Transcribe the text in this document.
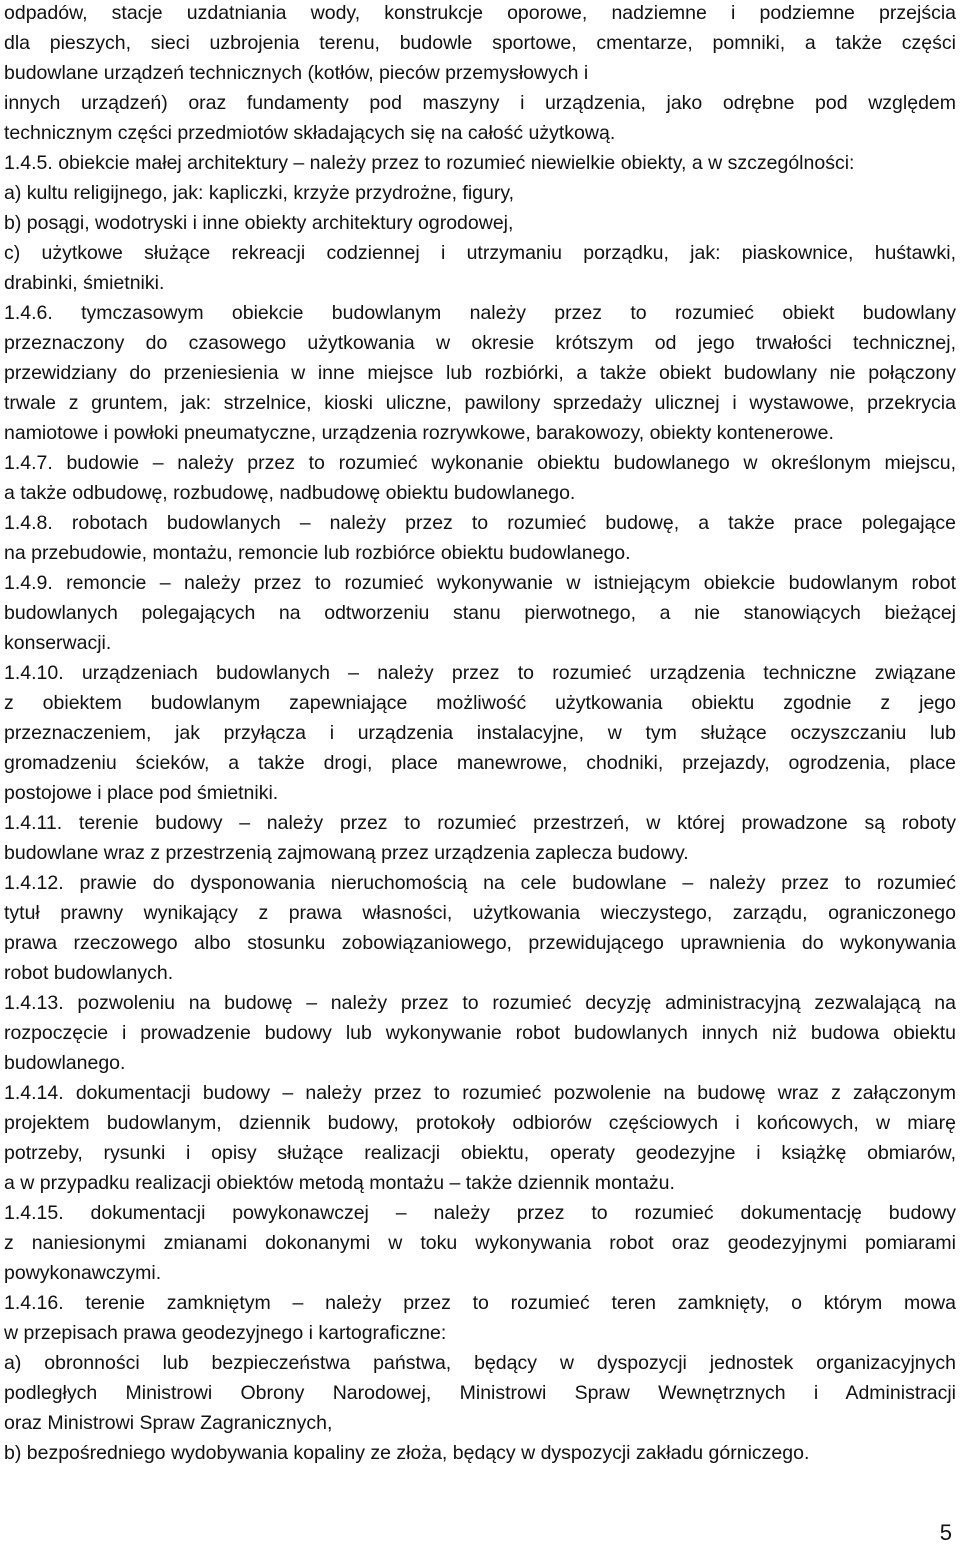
odpadów, stacje uzdatniania wody, konstrukcje oporowe, nadziemne i podziemne przejścia
dla pieszych, sieci uzbrojenia terenu, budowle sportowe, cmentarze, pomniki, a także części
budowlane urządzeń technicznych (kotłów, pieców przemysłowych i
innych urządzeń) oraz fundamenty pod maszyny i urządzenia, jako odrębne pod względem
technicznym części przedmiotów składających się na całość użytkową.
1.4.5. obiekcie małej architektury – należy przez to rozumieć niewielkie obiekty, a w szczególności:
a) kultu religijnego, jak: kapliczki, krzyże przydrożne, figury,
b) posągi, wodotryski i inne obiekty architektury ogrodowej,
c) użytkowe służące rekreacji codziennej i utrzymaniu porządku, jak: piaskownice, huśtawki,
drabinki, śmietniki.
1.4.6. tymczasowym obiekcie budowlanym należy przez to rozumieć obiekt budowlany
przeznaczony do czasowego użytkowania w okresie krótszym od jego trwałości technicznej,
przewidziany do przeniesienia w inne miejsce lub rozbiórki, a także obiekt budowlany nie połączony
trwale z gruntem, jak: strzelnice, kioski uliczne, pawilony sprzedaży ulicznej i wystawowe, przekrycia
namiotowe i powłoki pneumatyczne, urządzenia rozrywkowe, barakowozy, obiekty kontenerowe.
1.4.7. budowie – należy przez to rozumieć wykonanie obiektu budowlanego w określonym miejscu,
a także odbudowę, rozbudowę, nadbudowę obiektu budowlanego.
1.4.8. robotach budowlanych – należy przez to rozumieć budowę, a także prace polegające
na przebudowie, montażu, remoncie lub rozbiórce obiektu budowlanego.
1.4.9. remoncie – należy przez to rozumieć wykonywanie w istniejącym obiekcie budowlanym robot
budowlanych polegających na odtworzeniu stanu pierwotnego, a nie stanowiących bieżącej
konserwacji.
1.4.10. urządzeniach budowlanych – należy przez to rozumieć urządzenia techniczne związane
z obiektem budowlanym zapewniające możliwość użytkowania obiektu zgodnie z jego
przeznaczeniem, jak przyłącza i urządzenia instalacyjne, w tym służące oczyszczaniu lub
gromadzeniu ścieków, a także drogi, place manewrowe, chodniki, przejazdy, ogrodzenia, place
postojowe i place pod śmietniki.
1.4.11. terenie budowy – należy przez to rozumieć przestrzeń, w której prowadzone są roboty
budowlane wraz z przestrzenią zajmowaną przez urządzenia zaplecza budowy.
1.4.12. prawie do dysponowania nieruchomością na cele budowlane – należy przez to rozumieć
tytuł prawny wynikający z prawa własności, użytkowania wieczystego, zarządu, ograniczonego
prawa rzeczowego albo stosunku zobowiązaniowego, przewidującego uprawnienia do wykonywania
robot budowlanych.
1.4.13. pozwoleniu na budowę – należy przez to rozumieć decyzję administracyjną zezwalającą na
rozpoczęcie i prowadzenie budowy lub wykonywanie robot budowlanych innych niż budowa obiektu
budowlanego.
1.4.14. dokumentacji budowy – należy przez to rozumieć pozwolenie na budowę wraz z załączonym
projektem budowlanym, dziennik budowy, protokoły odbiorów częściowych i końcowych, w miarę
potrzeby, rysunki i opisy służące realizacji obiektu, operaty geodezyjne i książkę obmiarów,
a w przypadku realizacji obiektów metodą montażu – także dziennik montażu.
1.4.15. dokumentacji powykonawczej – należy przez to rozumieć dokumentację budowy
z naniesionymi zmianami dokonanymi w toku wykonywania robot oraz geodezyjnymi pomiarami
powykonawczymi.
1.4.16. terenie zamkniętym – należy przez to rozumieć teren zamknięty, o którym mowa
w przepisach prawa geodezyjnego i kartograficzne:
a) obronności lub bezpieczeństwa państwa, będący w dyspozycji jednostek organizacyjnych
podległych Ministrowi Obrony Narodowej, Ministrowi Spraw Wewnętrznych i Administracji
oraz Ministrowi Spraw Zagranicznych,
b) bezpośredniego wydobywania kopaliny ze złoża, będący w dyspozycji zakładu górniczego.
5
